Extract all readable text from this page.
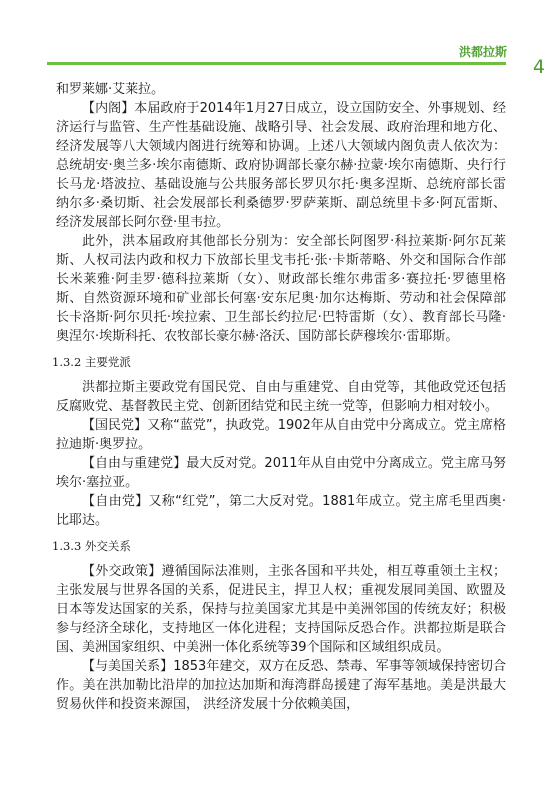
洪都拉斯
4

和罗莱娜·艾莱拉。

【内阁】本届政府于2014年1月27日成立，设立国防安全、外事规划、经济运行与监管、生产性基础设施、战略引导、社会发展、政府治理和地方化、经济发展等八大领域内阁进行统筹和协调。上述八大领域内阁负责人依次为：总统胡安·奥兰多·埃尔南德斯、政府协调部长豪尔赫·拉蒙·埃尔南德斯、央行行长马龙·塔波拉、基础设施与公共服务部长罗贝尔托·奥多涅斯、总统府部长雷纳尔多·桑切斯、社会发展部长利桑德罗·罗萨莱斯、副总统里卡多·阿瓦雷斯、经济发展部长阿尔登·里韦拉。

此外，洪本届政府其他部长分别为：安全部长阿图罗·科拉莱斯·阿尔瓦莱斯、人权司法内政和权力下放部长里戈韦托·张·卡斯蒂略、外交和国际合作部长米莱雅·阿圭罗·德科拉莱斯（女）、财政部长维尔弗雷多·赛拉托·罗德里格斯、自然资源环境和矿业部长何塞·安东尼奥·加尔达梅斯、劳动和社会保障部长卡洛斯·阿尔贝托·埃拉索、卫生部长约拉尼·巴特雷斯（女）、教育部长马隆·奥涅尔·埃斯科托、农牧部长豪尔赫·洛沃、国防部长萨穆埃尔·雷耶斯。

1.3.2 主要党派

洪都拉斯主要政党有国民党、自由与重建党、自由党等，其他政党还包括反腐败党、基督教民主党、创新团结党和民主统一党等，但影响力相对较小。

【国民党】又称“蓝党”，执政党。1902年从自由党中分离成立。党主席格拉迪斯·奥罗拉。

【自由与重建党】最大反对党。2011年从自由党中分离成立。党主席马努埃尔·塞拉亚。

【自由党】又称“红党”，第二大反对党。1881年成立。党主席毛里西奥·比耶达。

1.3.3 外交关系

【外交政策】遵循国际法准则，主张各国和平共处，相互尊重领土主权；主张发展与世界各国的关系，促进民主，捍卫人权；重视发展同美国、欧盟及日本等发达国家的关系，保持与拉美国家尤其是中美洲邻国的传统友好；积极参与经济全球化，支持地区一体化进程；支持国际反恐合作。洪都拉斯是联合国、美洲国家组织、中美洲一体化系统等39个国际和区域组织成员。

【与美国关系】1853年建交，双方在反恐、禁毒、军事等领域保持密切合作。美在洪加勒比沿岸的加拉达加斯和海湾群岛援建了海军基地。美是洪最大贸易伙伴和投资来源国， 洪经济发展十分依赖美国，
